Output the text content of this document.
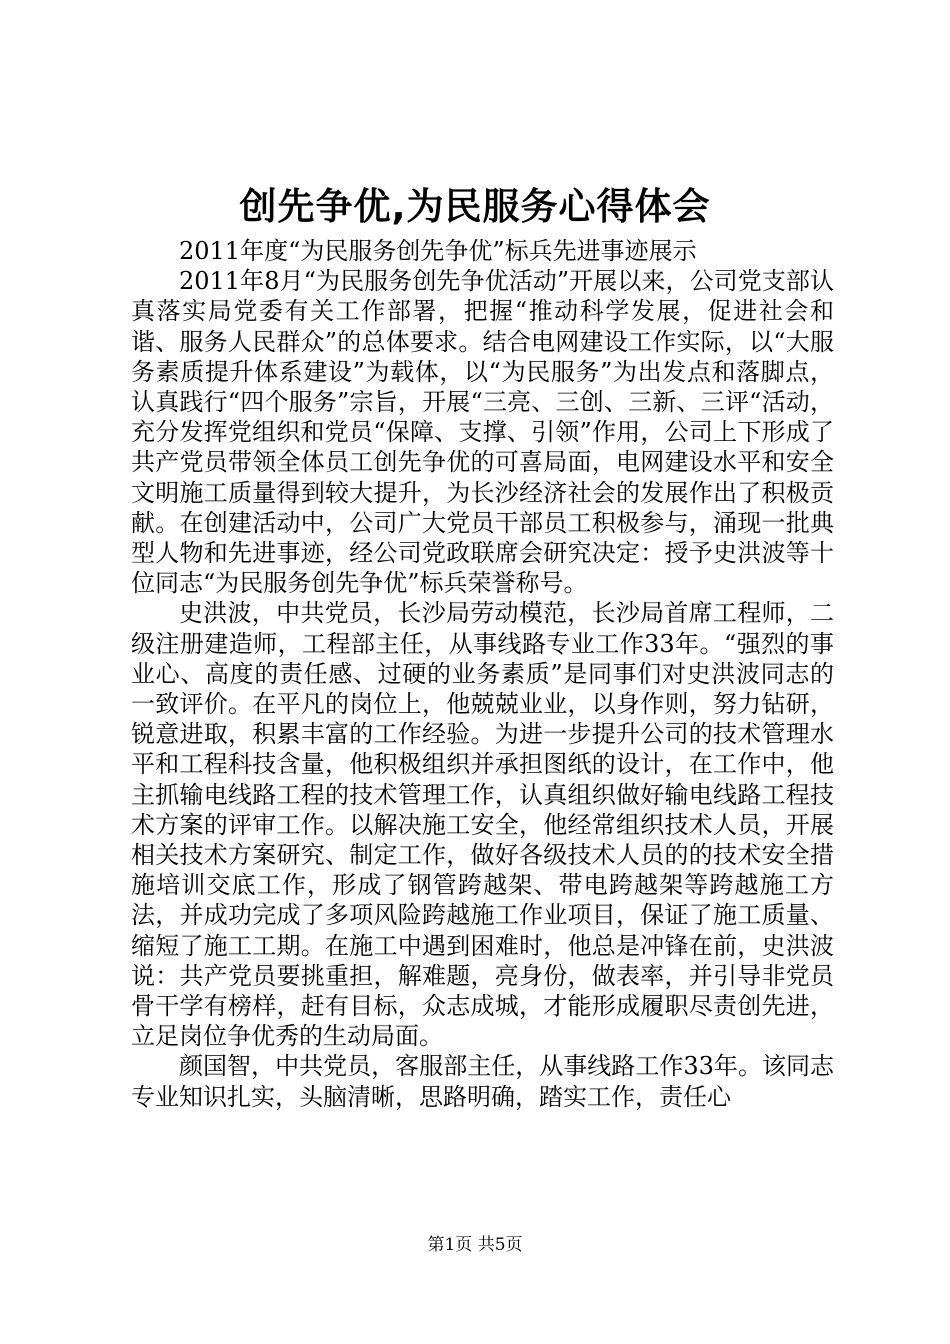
创先争优,为民服务心得体会

2011年度“为民服务创先争优”标兵先进事迹展示

2011年8月“为民服务创先争优活动”开展以来，公司党支部认真落实局党委有关工作部署，把握“推动科学发展，促进社会和谐、服务人民群众”的总体要求。结合电网建设工作实际，以“大服务素质提升体系建设”为载体，以“为民服务”为出发点和落脚点，认真践行“四个服务”宗旨，开展“三亮、三创、三新、三评“活动，充分发挥党组织和党员“保障、支撑、引领”作用，公司上下形成了共产党员带领全体员工创先争优的可喜局面，电网建设水平和安全文明施工质量得到较大提升，为长沙经济社会的发展作出了积极贡献。在创建活动中，公司广大党员干部员工积极参与，涌现一批典型人物和先进事迹，经公司党政联席会研究决定：授予史洪波等十位同志“为民服务创先争优”标兵荣誉称号。

史洪波，中共党员，长沙局劳动模范，长沙局首席工程师，二级注册建造师，工程部主任，从事线路专业工作33年。“强烈的事业心、高度的责任感、过硬的业务素质”是同事们对史洪波同志的一致评价。在平凡的岗位上，他兢兢业业，以身作则，努力钻研，锐意进取，积累丰富的工作经验。为进一步提升公司的技术管理水平和工程科技含量，他积极组织并承担图纸的设计，在工作中，他主抓输电线路工程的技术管理工作，认真组织做好输电线路工程技术方案的评审工作。以解决施工安全，他经常组织技术人员，开展相关技术方案研究、制定工作，做好各级技术人员的的技术安全措施培训交底工作，形成了钢管跨越架、带电跨越架等跨越施工方法，并成功完成了多项风险跨越施工作业项目，保证了施工质量、缩短了施工工期。在施工中遇到困难时，他总是冲锋在前，史洪波说：共产党员要挑重担，解难题，亮身份，做表率，并引导非党员骨干学有榜样，赶有目标，众志成城，才能形成履职尽责创先进，立足岗位争优秀的生动局面。

颜国智，中共党员，客服部主任，从事线路工作33年。该同志专业知识扎实，头脑清晰，思路明确，踏实工作，责任心

第1页 共5页
